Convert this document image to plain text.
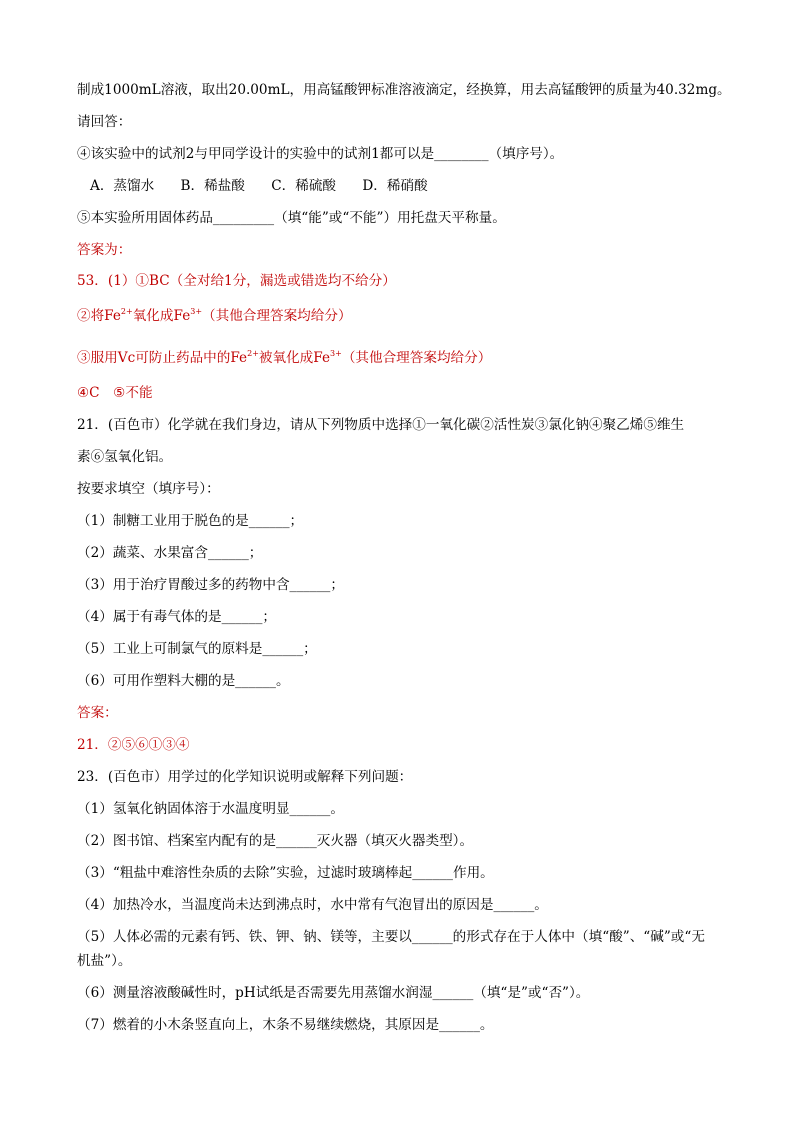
制成1000mL溶液，取出20.00mL，用高锰酸钾标准溶液滴定，经换算，用去高锰酸钾的质量为40.32mg。
请回答：
④该实验中的试剂2与甲同学设计的实验中的试剂1都可以是________（填序号）。
A．蒸馏水 B．稀盐酸 C．稀硫酸 D．稀硝酸
⑤本实验所用固体药品_________（填“能”或“不能”）用托盘天平称量。
答案为：
53．(1）①BC（全对给1分，漏选或错选均不给分）
②将$Fe^{2+}$氧化成$Fe^{3+}$（其他合理答案均给分）
③服用Vc可防止药品中的$Fe^{2+}$被氧化成$Fe^{3+}$（其他合理答案均给分）
④C　⑤不能
21．(百色市）化学就在我们身边，请从下列物质中选择①一氧化碳②活性炭③氯化钠④聚乙烯⑤维生
素⑥氢氧化铝。
按要求填空（填序号）：
（1）制糖工业用于脱色的是______；
（2）蔬菜、水果富含______；
（3）用于治疗胃酸过多的药物中含______；
（4）属于有毒气体的是______；
（5）工业上可制氯气的原料是______；
（6）可用作塑料大棚的是______。
答案：
21．②⑤⑥①③④
23．(百色市）用学过的化学知识说明或解释下列问题：
（1）氢氧化钠固体溶于水温度明显______。
（2）图书馆、档案室内配有的是______灭火器（填灭火器类型）。
（3）“粗盐中难溶性杂质的去除”实验，过滤时玻璃棒起______作用。
（4）加热冷水，当温度尚未达到沸点时，水中常有气泡冒出的原因是______。
（5）人体必需的元素有钙、铁、钾、钠、镁等，主要以______的形式存在于人体中（填“酸”、“碱”或“无
机盐”）。
（6）测量溶液酸碱性时，pH试纸是否需要先用蒸馏水润湿______（填“是”或“否”）。
（7）燃着的小木条竖直向上，木条不易继续燃烧，其原因是______。
